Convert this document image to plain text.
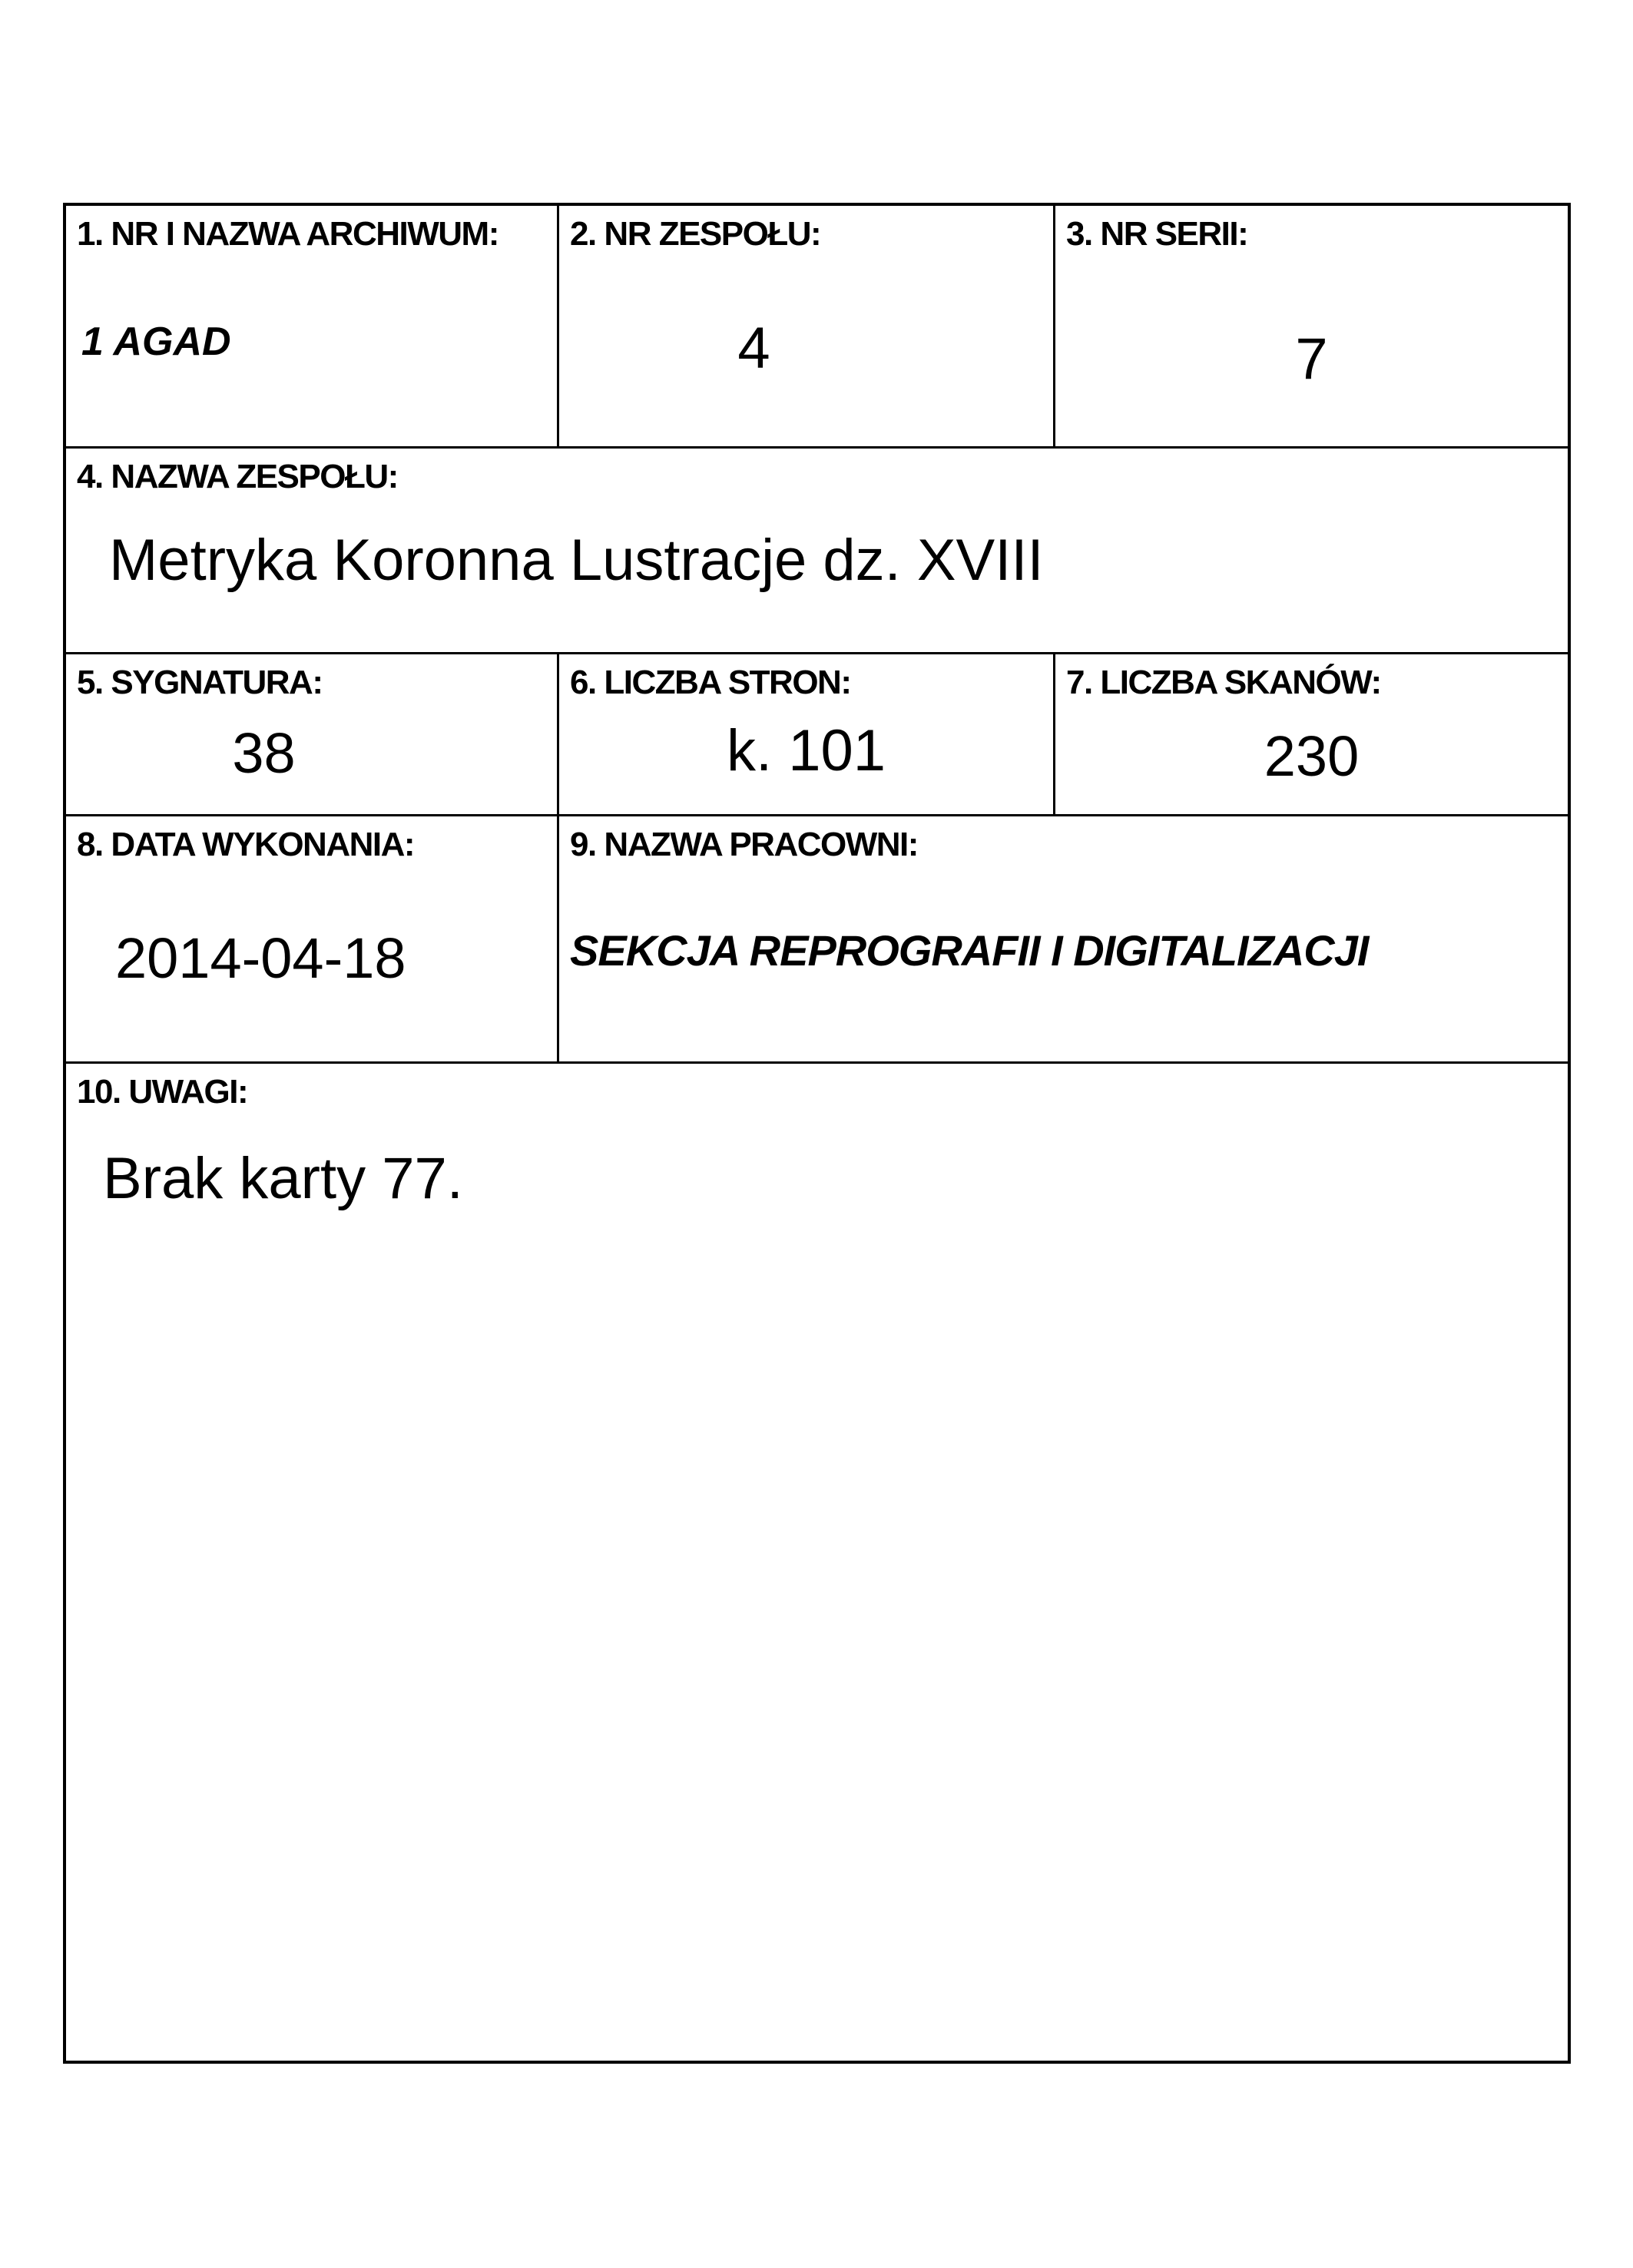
1. NR I NAZWA ARCHIWUM:
1 AGAD
2. NR ZESPOŁU:
4
3. NR SERII:
7
4. NAZWA ZESPOŁU:
Metryka Koronna Lustracje dz. XVIII
5. SYGNATURA:
38
6. LICZBA STRON:
k. 101
7. LICZBA SKANÓW:
230
8. DATA WYKONANIA:
2014-04-18
9. NAZWA PRACOWNI:
SEKCJA REPROGRAFII I DIGITALIZACJI
10. UWAGI:
Brak karty 77.
